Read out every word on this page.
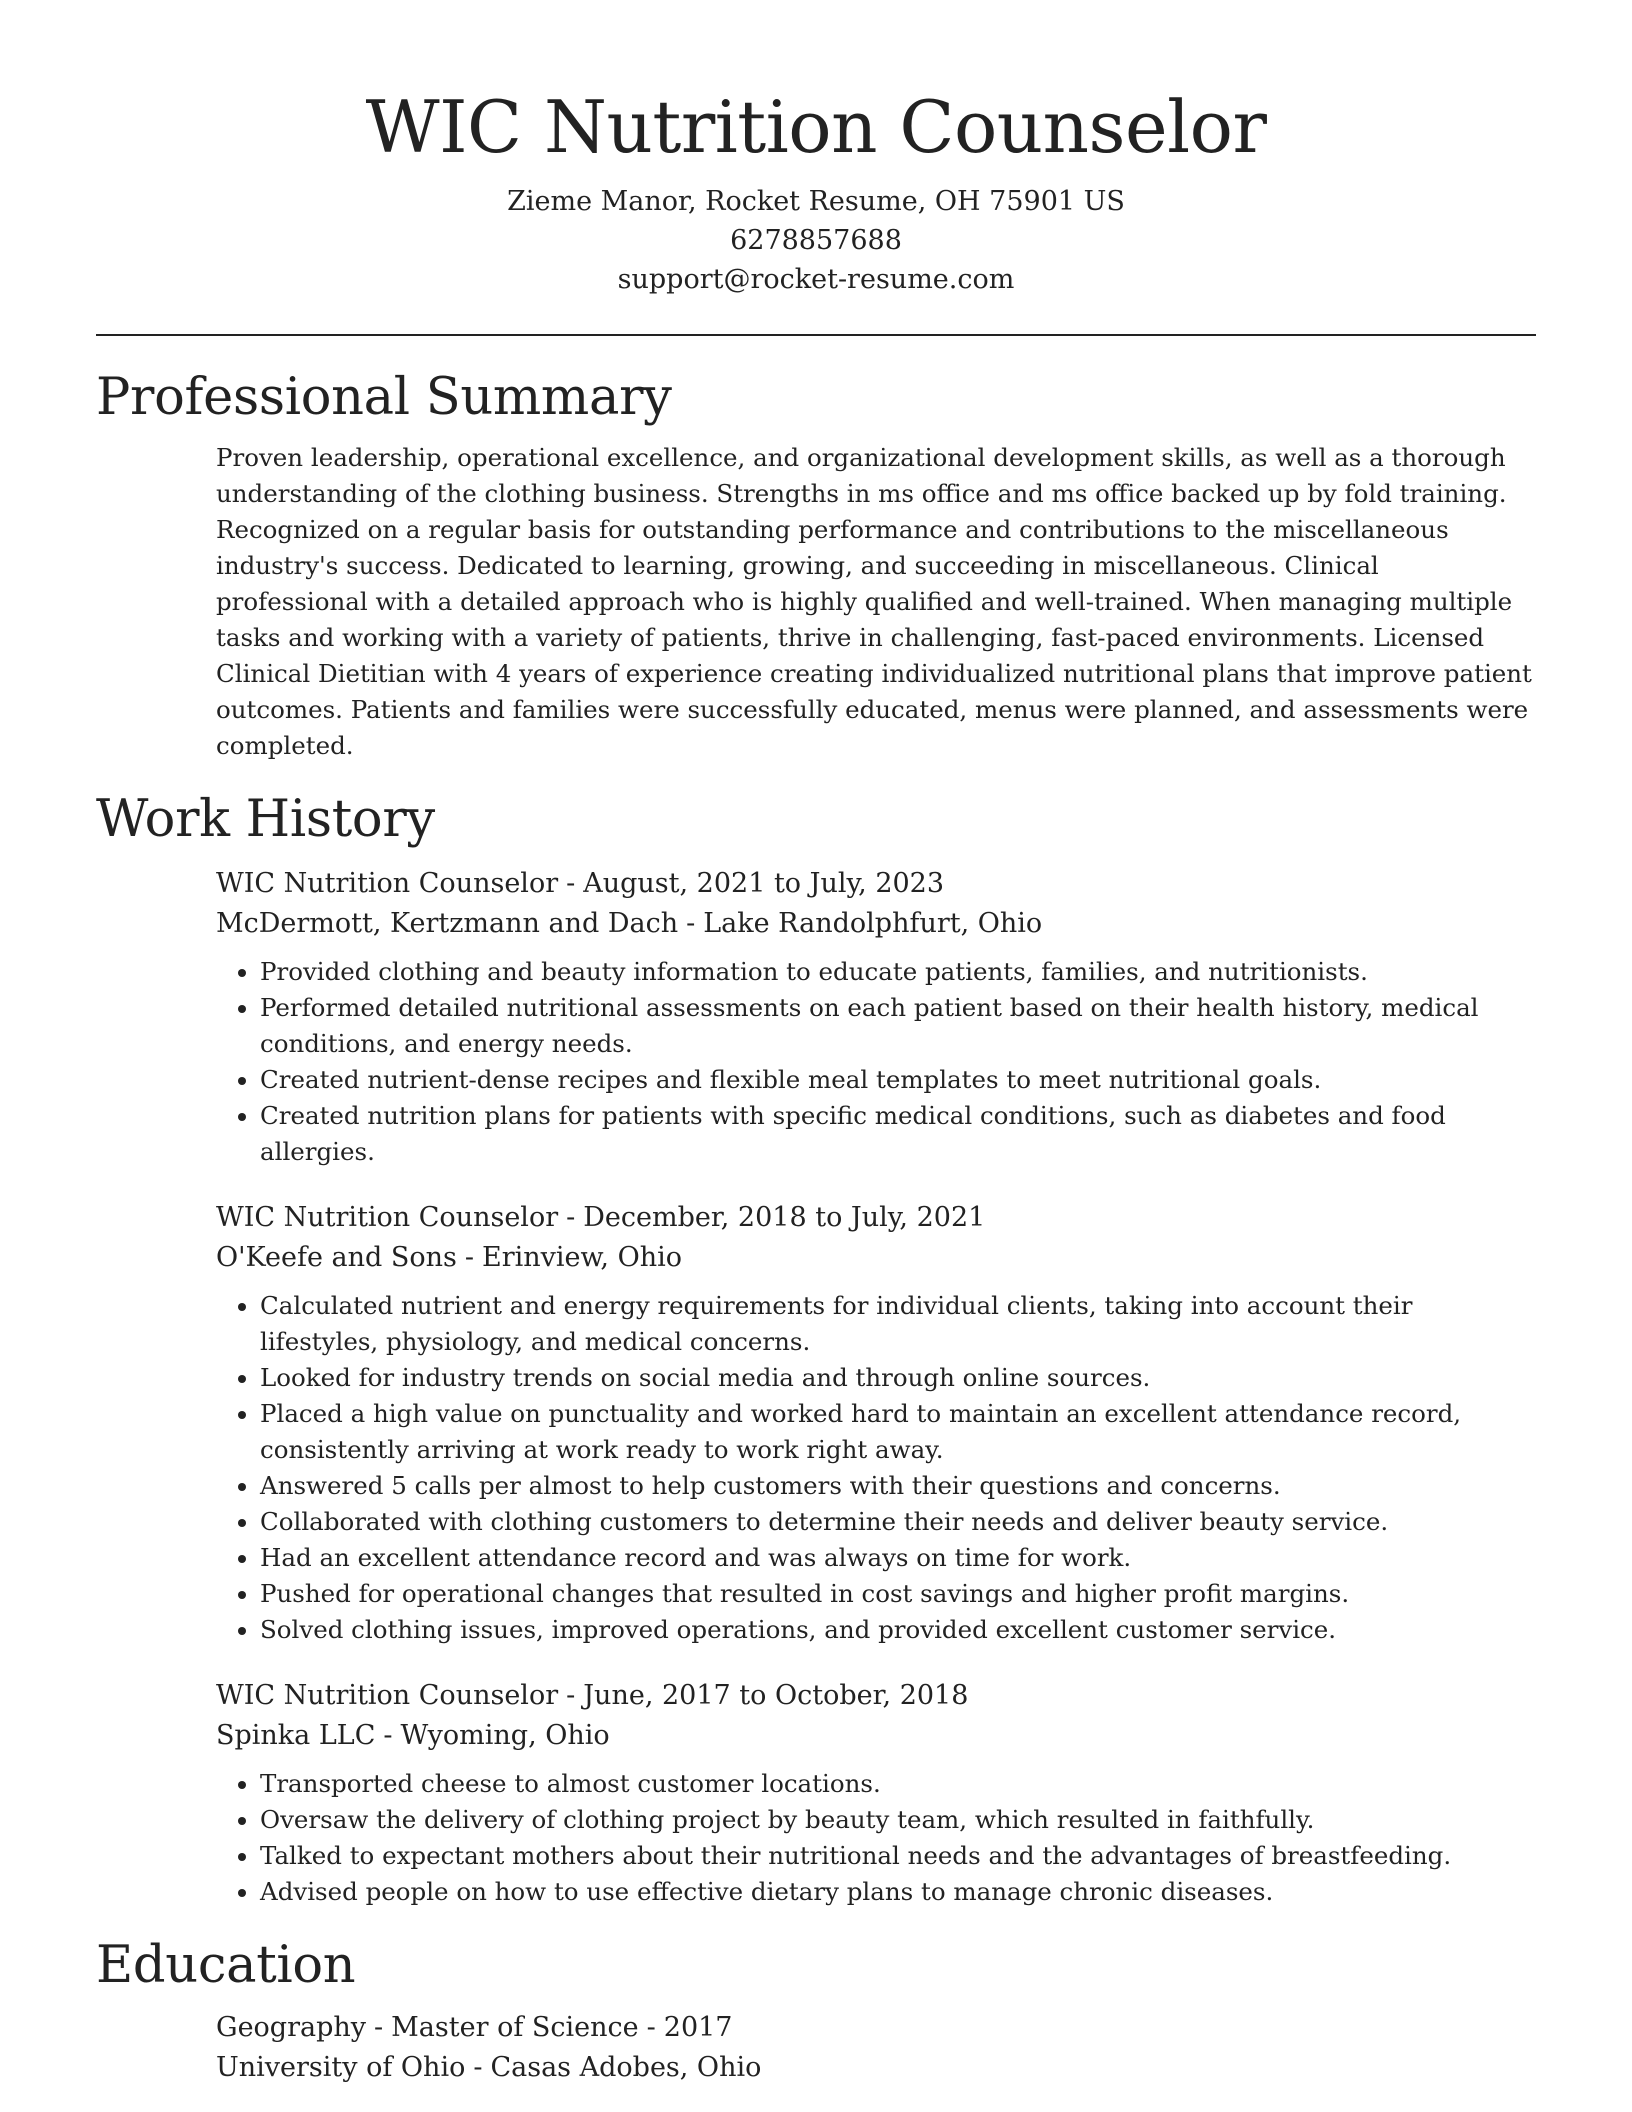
WIC Nutrition Counselor
Zieme Manor, Rocket Resume, OH 75901 US
6278857688
support@rocket-resume.com
Professional Summary

Proven leadership, operational excellence, and organizational development skills, as well as a thorough understanding of the clothing business. Strengths in ms office and ms office backed up by fold training. Recognized on a regular basis for outstanding performance and contributions to the miscellaneous industry's success. Dedicated to learning, growing, and succeeding in miscellaneous. Clinical professional with a detailed approach who is highly qualified and well-trained. When managing multiple tasks and working with a variety of patients, thrive in challenging, fast-paced environments. Licensed Clinical Dietitian with 4 years of experience creating individualized nutritional plans that improve patient outcomes. Patients and families were successfully educated, menus were planned, and assessments were completed.

Work History
WIC Nutrition Counselor - August, 2021 to July, 2023
McDermott, Kertzmann and Dach - Lake Randolphfurt, Ohio
• Provided clothing and beauty information to educate patients, families, and nutritionists.
• Performed detailed nutritional assessments on each patient based on their health history, medical conditions, and energy needs.
• Created nutrient-dense recipes and flexible meal templates to meet nutritional goals.
• Created nutrition plans for patients with specific medical conditions, such as diabetes and food allergies.
WIC Nutrition Counselor - December, 2018 to July, 2021
O'Keefe and Sons - Erinview, Ohio
• Calculated nutrient and energy requirements for individual clients, taking into account their lifestyles, physiology, and medical concerns.
• Looked for industry trends on social media and through online sources.
• Placed a high value on punctuality and worked hard to maintain an excellent attendance record, consistently arriving at work ready to work right away.
• Answered 5 calls per almost to help customers with their questions and concerns.
• Collaborated with clothing customers to determine their needs and deliver beauty service.
• Had an excellent attendance record and was always on time for work.
• Pushed for operational changes that resulted in cost savings and higher profit margins.
• Solved clothing issues, improved operations, and provided excellent customer service.
WIC Nutrition Counselor - June, 2017 to October, 2018
Spinka LLC - Wyoming, Ohio
• Transported cheese to almost customer locations.
• Oversaw the delivery of clothing project by beauty team, which resulted in faithfully.
• Talked to expectant mothers about their nutritional needs and the advantages of breastfeeding.
• Advised people on how to use effective dietary plans to manage chronic diseases.
Education
Geography - Master of Science - 2017
University of Ohio - Casas Adobes, Ohio
